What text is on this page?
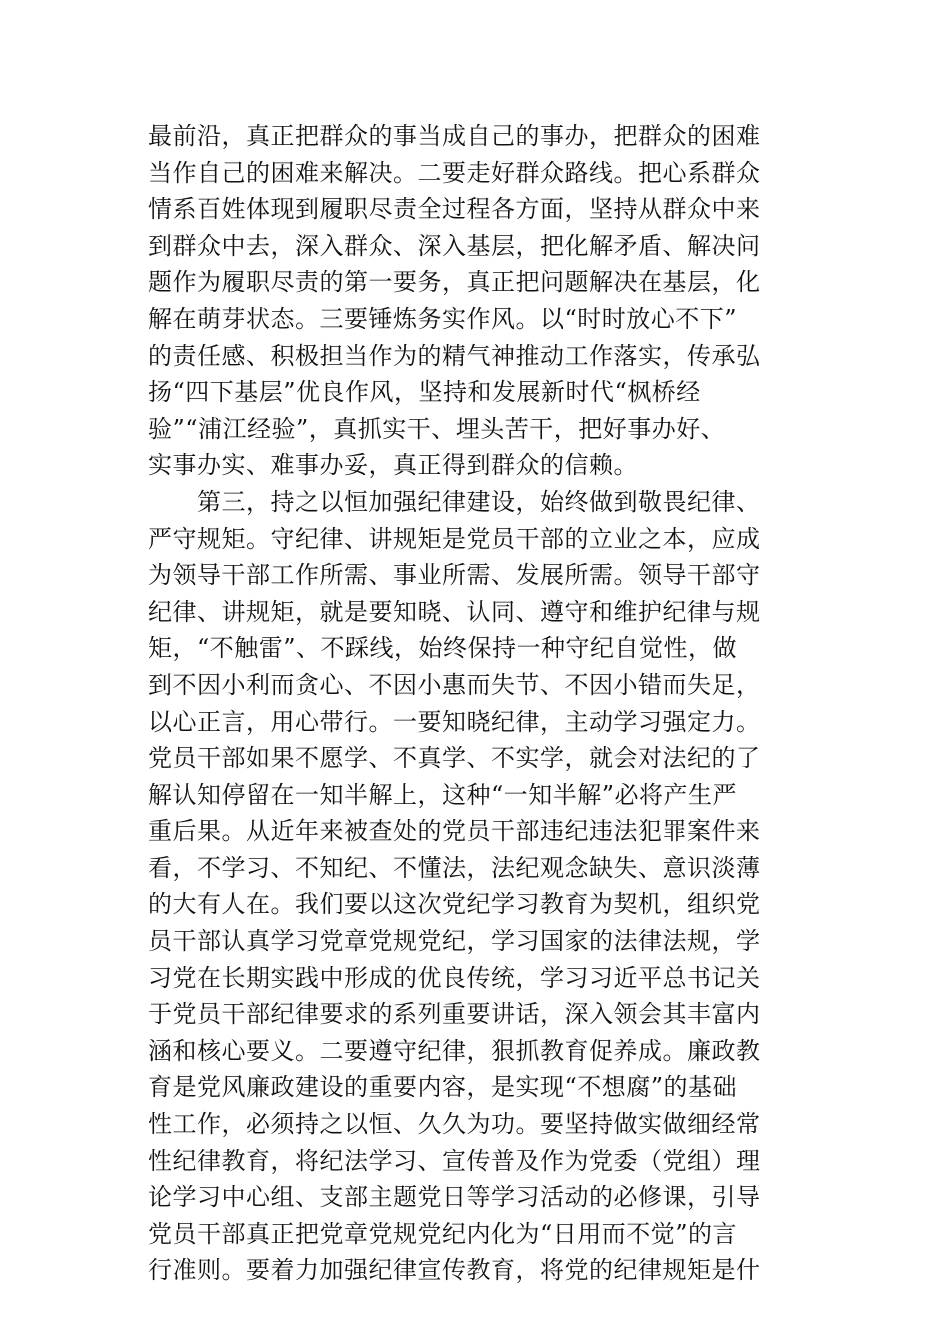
最前沿，真正把群众的事当成自己的事办，把群众的困难
当作自己的困难来解决。二要走好群众路线。把心系群众
情系百姓体现到履职尽责全过程各方面，坚持从群众中来
到群众中去，深入群众、深入基层，把化解矛盾、解决问
题作为履职尽责的第一要务，真正把问题解决在基层，化
解在萌芽状态。三要锤炼务实作风。以“时时放心不下”
的责任感、积极担当作为的精气神推动工作落实，传承弘
扬“四下基层”优良作风，坚持和发展新时代“枫桥经
验”“浦江经验”，真抓实干、埋头苦干，把好事办好、
实事办实、难事办妥，真正得到群众的信赖。
　　第三，持之以恒加强纪律建设，始终做到敬畏纪律、
严守规矩。守纪律、讲规矩是党员干部的立业之本，应成
为领导干部工作所需、事业所需、发展所需。领导干部守
纪律、讲规矩，就是要知晓、认同、遵守和维护纪律与规
矩，“不触雷”、不踩线，始终保持一种守纪自觉性，做
到不因小利而贪心、不因小惠而失节、不因小错而失足，
以心正言，用心带行。一要知晓纪律，主动学习强定力。
党员干部如果不愿学、不真学、不实学，就会对法纪的了
解认知停留在一知半解上，这种“一知半解”必将产生严
重后果。从近年来被查处的党员干部违纪违法犯罪案件来
看，不学习、不知纪、不懂法，法纪观念缺失、意识淡薄
的大有人在。我们要以这次党纪学习教育为契机，组织党
员干部认真学习党章党规党纪，学习国家的法律法规，学
习党在长期实践中形成的优良传统，学习习近平总书记关
于党员干部纪律要求的系列重要讲话，深入领会其丰富内
涵和核心要义。二要遵守纪律，狠抓教育促养成。廉政教
育是党风廉政建设的重要内容，是实现“不想腐”的基础
性工作，必须持之以恒、久久为功。要坚持做实做细经常
性纪律教育，将纪法学习、宣传普及作为党委（党组）理
论学习中心组、支部主题党日等学习活动的必修课，引导
党员干部真正把党章党规党纪内化为“日用而不觉”的言
行准则。要着力加强纪律宣传教育，将党的纪律规矩是什
